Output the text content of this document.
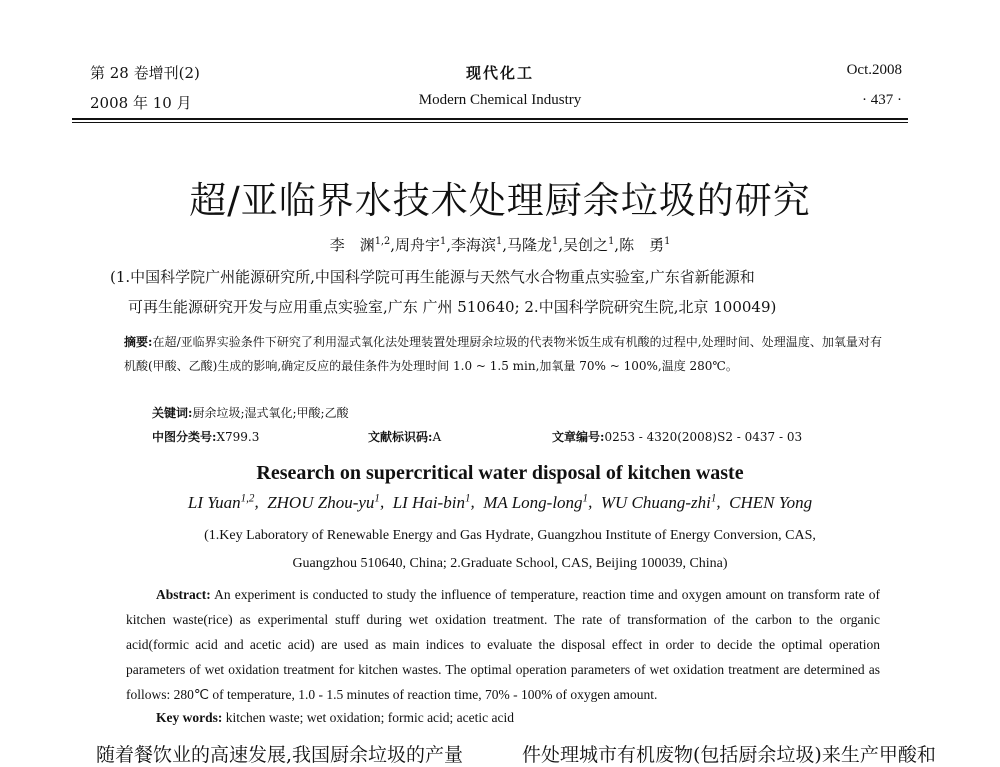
第 28 卷增刊(2)
2008 年 10 月
现代化工
Modern Chemical Industry
Oct.2008
· 437 ·
超/亚临界水技术处理厨余垃圾的研究
李　渊$^{1,2}$,周舟宇$^1$,李海滨$^1$,马隆龙$^1$,吴创之$^1$,陈　勇$^1$
(1.中国科学院广州能源研究所,中国科学院可再生能源与天然气水合物重点实验室,广东省新能源和
可再生能源研究开发与应用重点实验室,广东 广州 510640; 2.中国科学院研究生院,北京 100049)
摘要:在超/亚临界实验条件下研究了利用湿式氧化法处理装置处理厨余垃圾的代表物米饭生成有机酸的过程中,处理时间、处理温度、加氧量对有机酸(甲酸、乙酸)生成的影响,确定反应的最佳条件为处理时间 1.0 ~ 1.5 min,加氧量 70% ~ 100%,温度 280℃。
关键词:厨余垃圾;湿式氧化;甲酸;乙酸
中图分类号:X799.3	文献标识码:A	文章编号:0253 - 4320(2008)S2 - 0437 - 03
Research on supercritical water disposal of kitchen waste
LI Yuan$^{1,2}$,  ZHOU Zhou-$yu^1$,  LI Hai-bin$^1$,  MA Long-long$^1$,  WU Chuang-zhi$^1$,  CHEN Yong
(1.Key Laboratory of Renewable Energy and Gas Hydrate, Guangzhou Institute of Energy Conversion, CAS,
Guangzhou 510640, China; 2.Graduate School, CAS, Beijing 100039, China)
Abstract: An experiment is conducted to study the influence of temperature, reaction time and oxygen amount on transform rate of kitchen waste(rice) as experimental stuff during wet oxidation treatment. The rate of transformation of the carbon to the organic acid(formic acid and acetic acid) are used as main indices to evaluate the disposal effect in order to decide the optimal operation parameters of wet oxidation treatment for kitchen wastes. The optimal operation parameters of wet oxidation treatment are determined as follows: 280℃ of temperature, 1.0 - 1.5 minutes of reaction time, 70% - 100% of oxygen amount.
Key words: kitchen waste; wet oxidation; formic acid; acetic acid
随着餐饮业的高速发展,我国厨余垃圾的产量	件处理城市有机废物(包括厨余垃圾)来生产甲酸和
